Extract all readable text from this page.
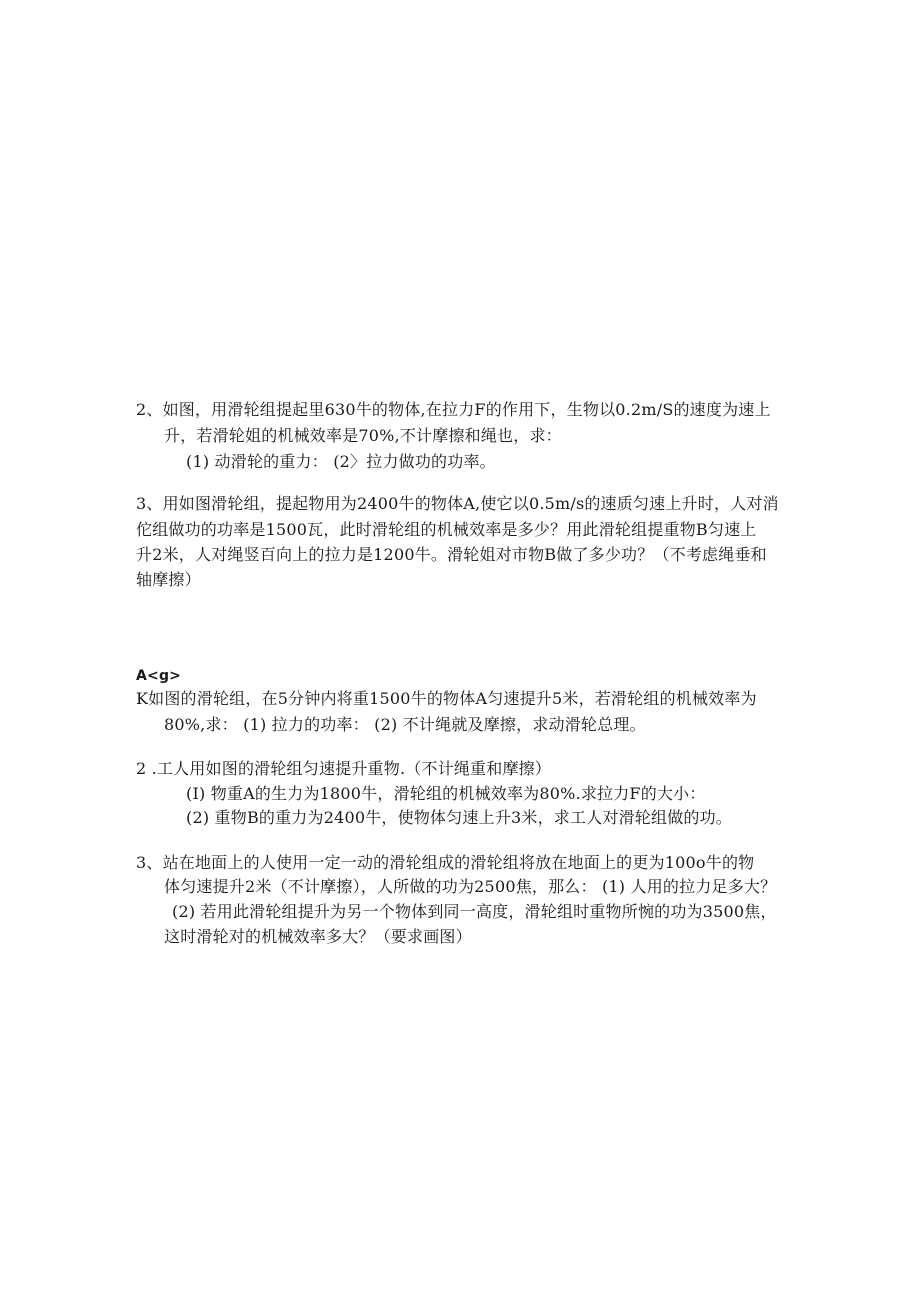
2、如图，用滑轮组提起里630牛的物体,在拉力F的作用下，生物以0.2m/S的速度为速上
升，若滑轮姐的机械效率是70%,不计摩擦和绳也，求：
(1) 动滑轮的重力： (2〉拉力做功的功率。
3、用如图滑轮组，提起物用为2400牛的物体A,使它以0.5m/s的速质匀速上升时，人对消
佗组做功的功率是1500瓦，此时滑轮组的机械效率是多少？用此滑轮组提重物B匀速上
升2米，人对绳竖百向上的拉力是1200牛。滑轮姐对市物B做了多少功？（不考虑绳垂和
轴摩擦）
A<g>
K如图的滑轮组，在5分钟内将重1500牛的物体A匀速提升5米，若滑轮组的机械效率为
80%,求： (1) 拉力的功率： (2) 不计绳就及摩擦，求动滑轮总理。
2 .工人用如图的滑轮组匀速提升重物.（不计绳重和摩擦）
(I) 物重A的生力为1800牛，滑轮组的机械效率为80%.求拉力F的大小：
(2) 重物B的重力为2400牛，使物体匀速上升3米，求工人对滑轮组做的功。
3、站在地面上的人使用一定一动的滑轮组成的滑轮组将放在地面上的更为100o牛的物
体匀速提升2米（不计摩擦），人所做的功为2500焦，那么： (1) 人用的拉力足多大？
(2) 若用此滑轮组提升为另一个物体到同一高度，滑轮组时重物所惋的功为3500焦，
这时滑轮对的机械效率多大？（要求画图）
